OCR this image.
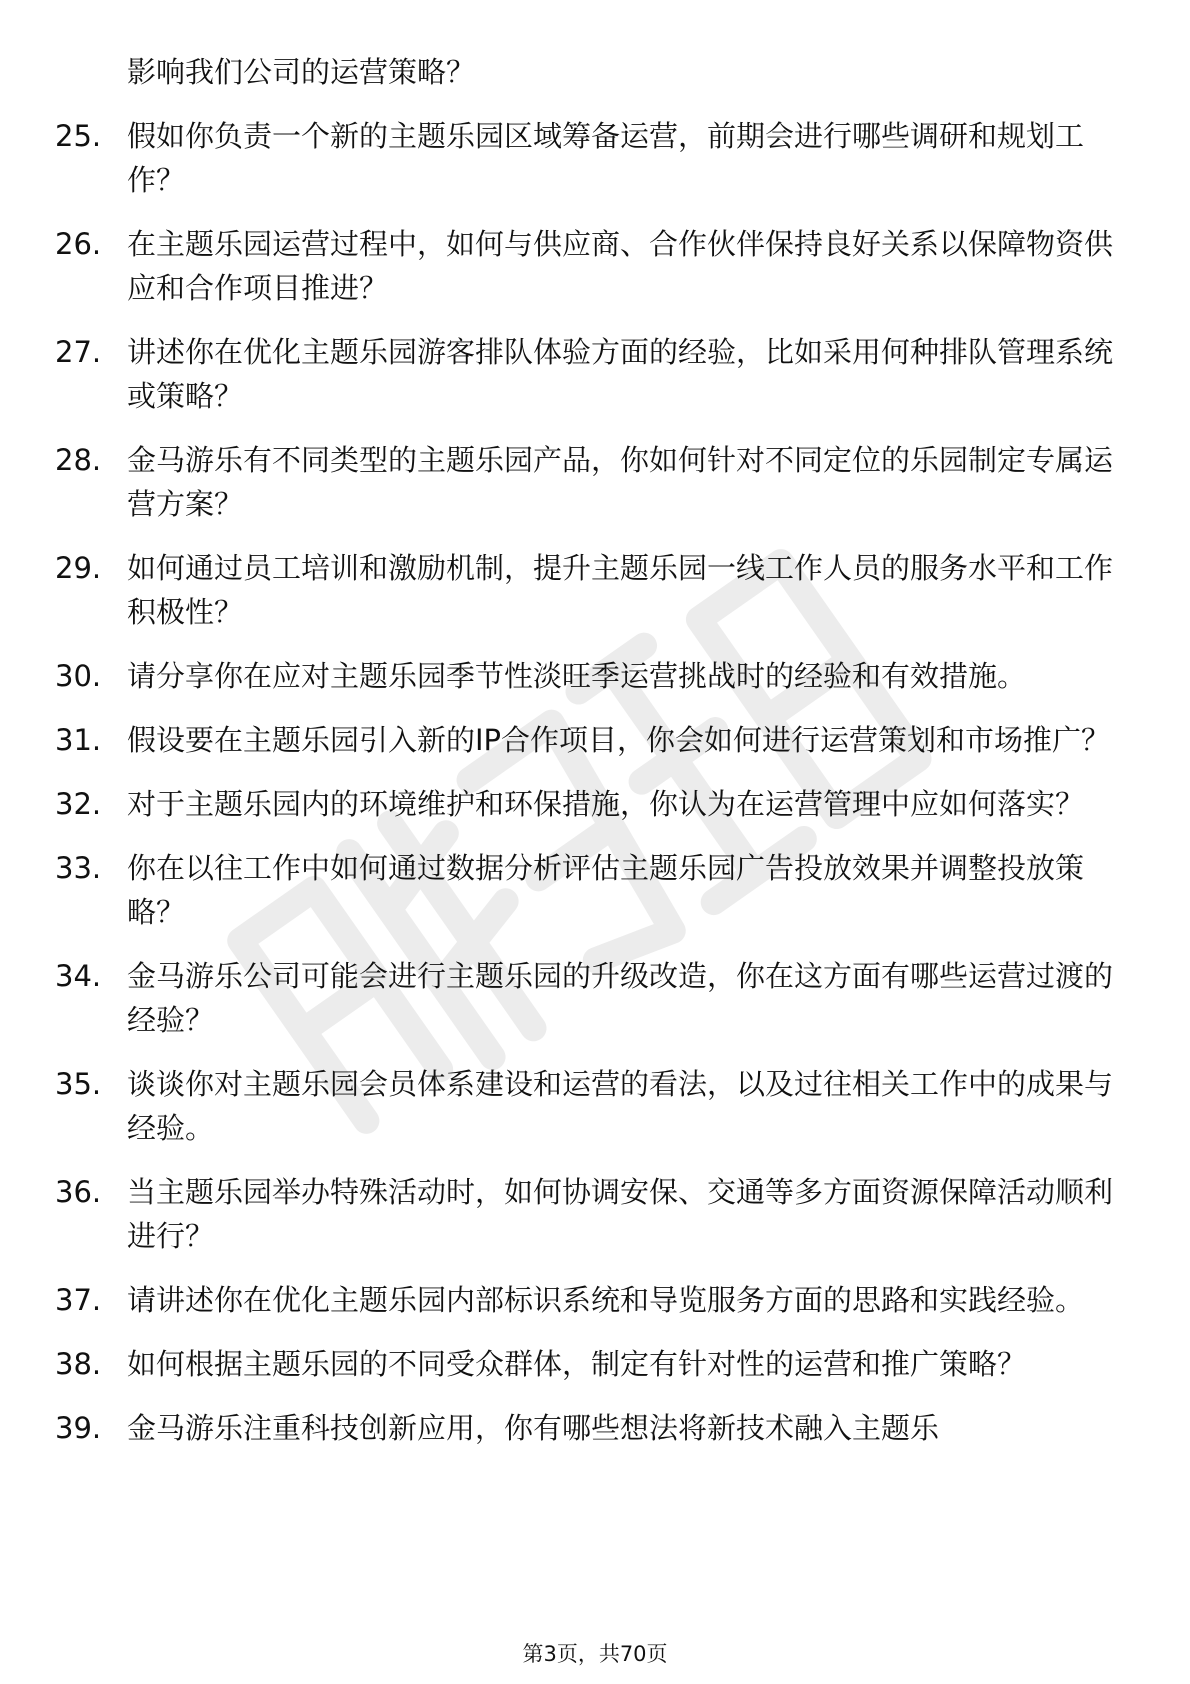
影响我们公司的运营策略？
25. 假如你负责一个新的主题乐园区域筹备运营，前期会进行哪些调研和规划工作？
26. 在主题乐园运营过程中，如何与供应商、合作伙伴保持良好关系以保障物资供应和合作项目推进？
27. 讲述你在优化主题乐园游客排队体验方面的经验，比如采用何种排队管理系统或策略？
28. 金马游乐有不同类型的主题乐园产品，你如何针对不同定位的乐园制定专属运营方案？
29. 如何通过员工培训和激励机制，提升主题乐园一线工作人员的服务水平和工作积极性？
30. 请分享你在应对主题乐园季节性淡旺季运营挑战时的经验和有效措施。
31. 假设要在主题乐园引入新的IP合作项目，你会如何进行运营策划和市场推广？
32. 对于主题乐园内的环境维护和环保措施，你认为在运营管理中应如何落实？
33. 你在以往工作中如何通过数据分析评估主题乐园广告投放效果并调整投放策略？
34. 金马游乐公司可能会进行主题乐园的升级改造，你在这方面有哪些运营过渡的经验？
35. 谈谈你对主题乐园会员体系建设和运营的看法，以及过往相关工作中的成果与经验。
36. 当主题乐园举办特殊活动时，如何协调安保、交通等多方面资源保障活动顺利进行？
37. 请讲述你在优化主题乐园内部标识系统和导览服务方面的思路和实践经验。
38. 如何根据主题乐园的不同受众群体，制定有针对性的运营和推广策略？
39. 金马游乐注重科技创新应用，你有哪些想法将新技术融入主题乐
第3页，共70页
